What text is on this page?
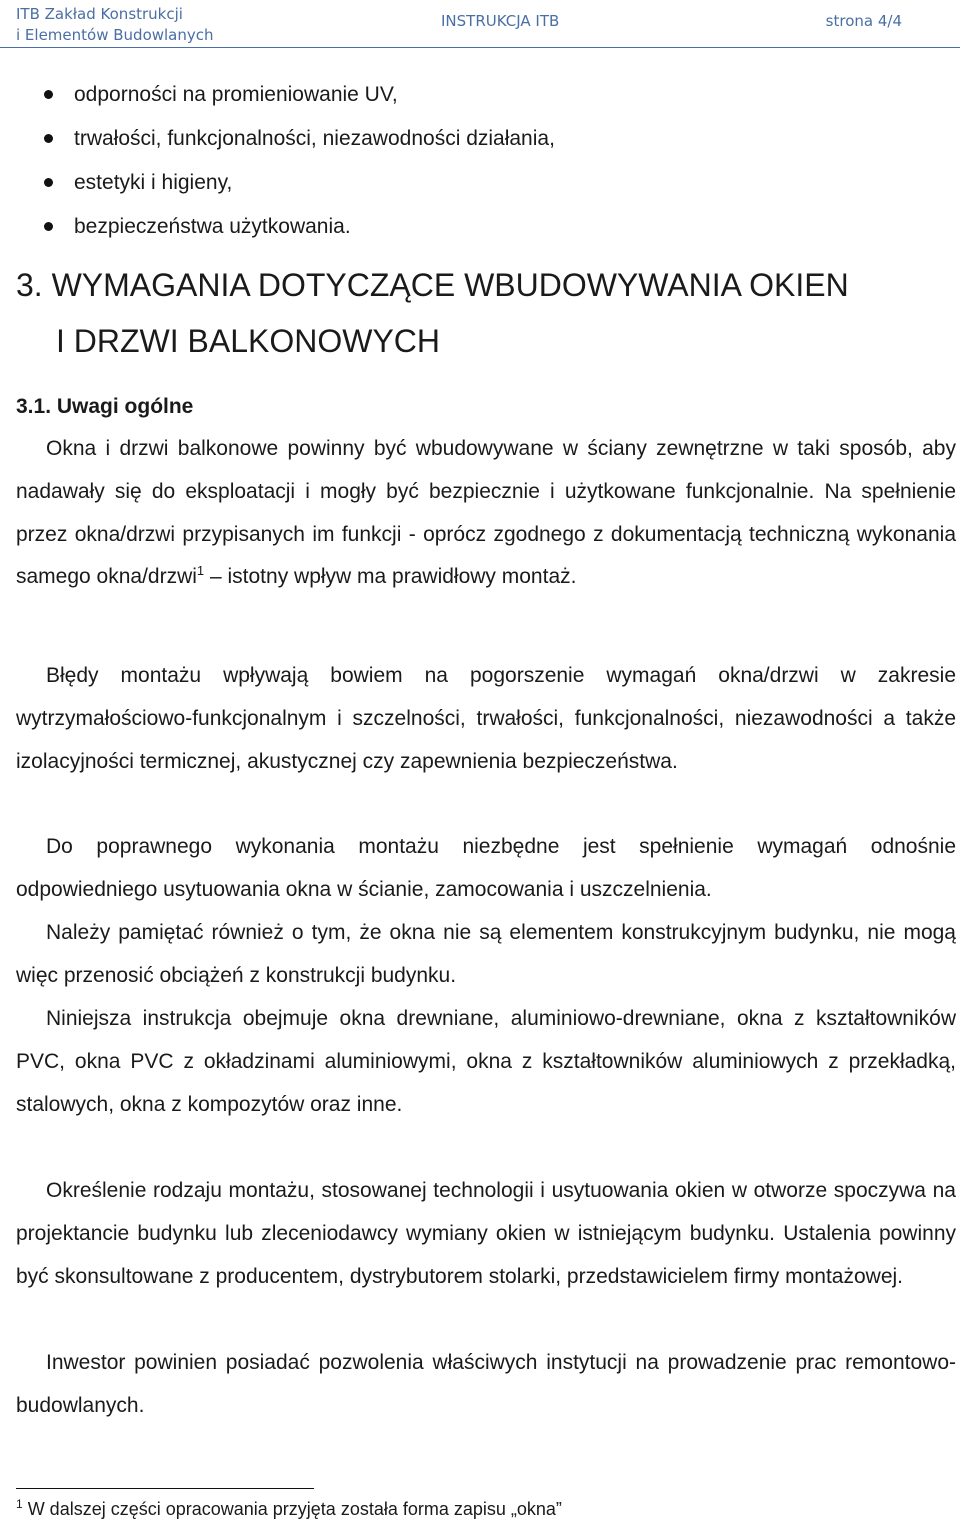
ITB Zakład Konstrukcji
i Elementów Budowlanych
INSTRUKCJA ITB	strona 4/4
odporności na promieniowanie UV,
trwałości, funkcjonalności, niezawodności działania,
estetyki i higieny,
bezpieczeństwa użytkowania.
3. WYMAGANIA DOTYCZĄCE WBUDOWYWANIA OKIEN
I DRZWI BALKONOWYCH
3.1. Uwagi ogólne

Okna i drzwi balkonowe powinny być wbudowywane w ściany zewnętrzne w taki sposób, aby nadawały się do eksploatacji i mogły być bezpiecznie i użytkowane funkcjonalnie. Na spełnienie przez okna/drzwi przypisanych im funkcji - oprócz zgodnego z dokumentacją techniczną wykonania samego okna/drzwi$^1$ – istotny wpływ ma prawidłowy montaż.

Błędy montażu wpływają bowiem na pogorszenie wymagań okna/drzwi w zakresie wytrzymałościowo-funkcjonalnym i szczelności, trwałości, funkcjonalności, niezawodności a także izolacyjności termicznej, akustycznej czy zapewnienia bezpieczeństwa.

Do poprawnego wykonania montażu niezbędne jest spełnienie wymagań odnośnie odpowiedniego usytuowania okna w ścianie, zamocowania i uszczelnienia.

Należy pamiętać również o tym, że okna nie są elementem konstrukcyjnym budynku, nie mogą więc przenosić obciążeń z konstrukcji budynku.

Niniejsza instrukcja obejmuje okna drewniane, aluminiowo-drewniane, okna z kształtowników PVC, okna PVC z okładzinami aluminiowymi, okna z kształtowników aluminiowych z przekładką, stalowych, okna z kompozytów oraz inne.

Określenie rodzaju montażu, stosowanej technologii i usytuowania okien w otworze spoczywa na projektancie budynku lub zleceniodawcy wymiany okien w istniejącym budynku. Ustalenia powinny być skonsultowane z producentem, dystrybutorem stolarki, przedstawicielem firmy montażowej.

Inwestor powinien posiadać pozwolenia właściwych instytucji na prowadzenie prac remontowo-budowlanych.

$^1$ W dalszej części opracowania przyjęta została forma zapisu „okna”
